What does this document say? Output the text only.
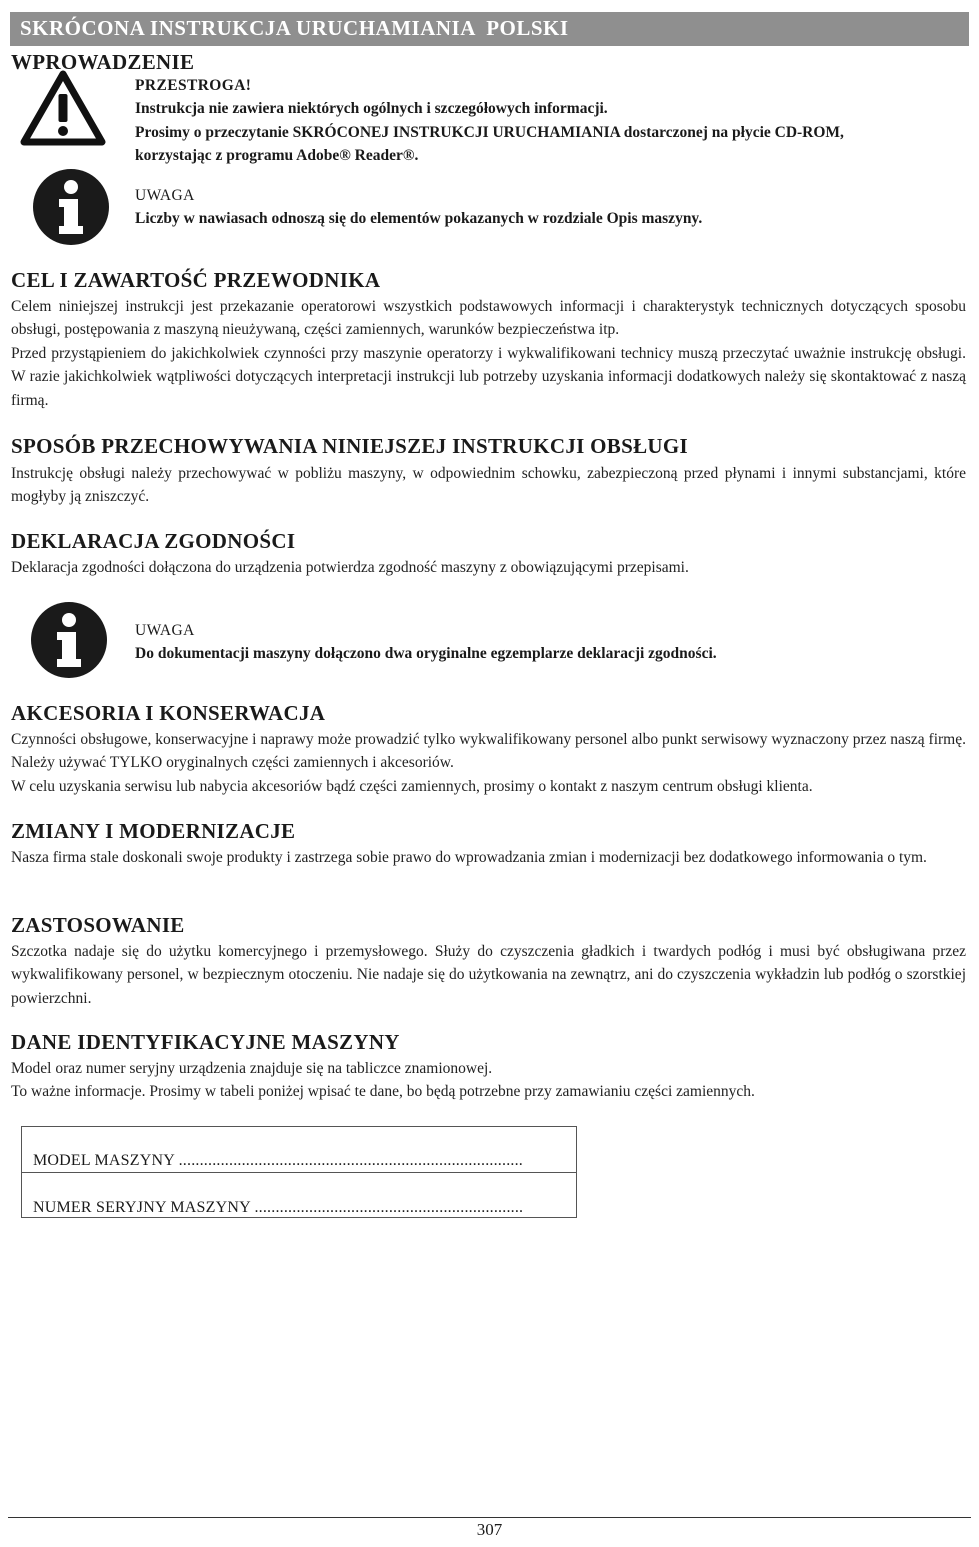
SKRÓCONA INSTRUKCJA URUCHAMIANIA  POLSKI
WPROWADZENIE
PRZESTROGA!
Instrukcja nie zawiera niektórych ogólnych i szczegółowych informacji.
Prosimy o przeczytanie SKRÓCONEJ INSTRUKCJI URUCHAMIANIA dostarczonej na płycie CD-ROM,
korzystając z programu Adobe® Reader®.
UWAGA
Liczby w nawiasach odnoszą się do elementów pokazanych w rozdziale Opis maszyny.
CEL I ZAWARTOŚĆ PRZEWODNIKA

Celem niniejszej instrukcji jest przekazanie operatorowi wszystkich podstawowych informacji i charakterystyk technicznych dotyczących sposobu obsługi, postępowania z maszyną nieużywaną, części zamiennych, warunków bezpieczeństwa itp.

Przed przystąpieniem do jakichkolwiek czynności przy maszynie operatorzy i wykwalifikowani technicy muszą przeczytać uważnie instrukcję obsługi. W razie jakichkolwiek wątpliwości dotyczących interpretacji instrukcji lub potrzeby uzyskania informacji dodatkowych należy się skontaktować z naszą firmą.

SPOSÓB PRZECHOWYWANIA NINIEJSZEJ INSTRUKCJI OBSŁUGI

Instrukcję obsługi należy przechowywać w pobliżu maszyny, w odpowiednim schowku, zabezpieczoną przed płynami i innymi substancjami, które mogłyby ją zniszczyć.

DEKLARACJA ZGODNOŚCI

Deklaracja zgodności dołączona do urządzenia potwierdza zgodność maszyny z obowiązującymi przepisami.

UWAGA
Do dokumentacji maszyny dołączono dwa oryginalne egzemplarze deklaracji zgodności.
AKCESORIA I KONSERWACJA

Czynności obsługowe, konserwacyjne i naprawy może prowadzić tylko wykwalifikowany personel albo punkt serwisowy wyznaczony przez naszą firmę. Należy używać TYLKO oryginalnych części zamiennych i akcesoriów.

W celu uzyskania serwisu lub nabycia akcesoriów bądź części zamiennych, prosimy o kontakt z naszym centrum obsługi klienta.

ZMIANY I MODERNIZACJE

Nasza firma stale doskonali swoje produkty i zastrzega sobie prawo do wprowadzania zmian i modernizacji bez dodatkowego informowania o tym.

ZASTOSOWANIE

Szczotka nadaje się do użytku komercyjnego i przemysłowego. Służy do czyszczenia gładkich i twardych podłóg i musi być obsługiwana przez wykwalifikowany personel, w bezpiecznym otoczeniu. Nie nadaje się do użytkowania na zewnątrz, ani do czyszczenia wykładzin lub podłóg o szorstkiej powierzchni.

DANE IDENTYFIKACYJNE MASZYNY

Model oraz numer seryjny urządzenia znajduje się na tabliczce znamionowej.

To ważne informacje. Prosimy w tabeli poniżej wpisać te dane, bo będą potrzebne przy zamawianiu części zamiennych.

MODEL MASZYNY ..................................................................................
NUMER SERYJNY MASZYNY ................................................................
307
